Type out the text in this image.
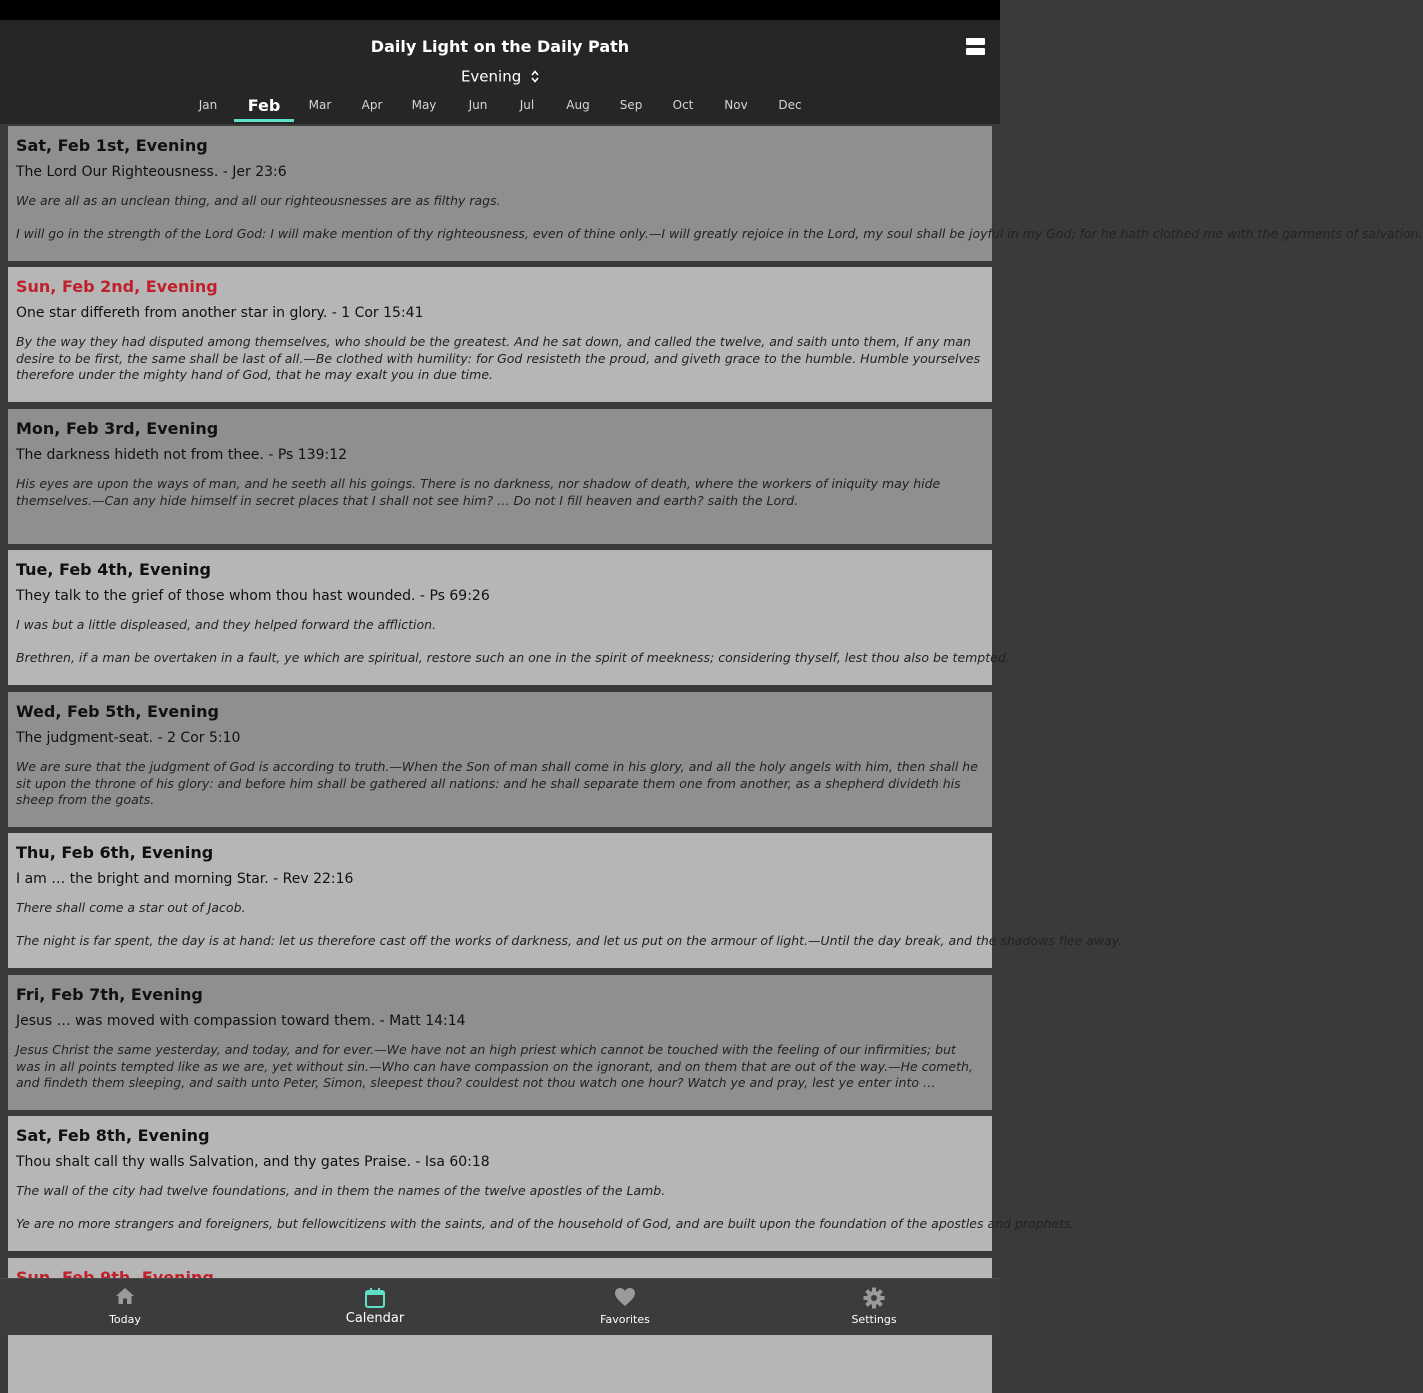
Daily Light on the Daily Path
Evening
Jan Feb Mar	Apr May	Jun	Jul	Aug Sep	Oct	Nov	Dec
Sat, Feb 1st, Evening
The Lord Our Righteousness. - Jer 23:6
We are all as an unclean thing, and all our righteousnesses are as filthy rags.
I will go in the strength of the Lord God: I will make mention of thy righteousness, even of thine only.—I will greatly rejoice in the Lord, my soul shall be joyful in my God; for he hath clothed me with the garments of salvation.
Sun, Feb 2nd, Evening
One star differeth from another star in glory. - 1 Cor 15:41
By the way they had disputed among themselves, who should be the greatest. And he sat down, and called the twelve, and saith unto them, If any man desire to be first, the same shall be last of all.—Be clothed with humility: for God resisteth the proud, and giveth grace to the humble. Humble yourselves therefore under the mighty hand of God, that he may exalt you in due time.
Mon, Feb 3rd, Evening
The darkness hideth not from thee. - Ps 139:12
His eyes are upon the ways of man, and he seeth all his goings. There is no darkness, nor shadow of death, where the workers of iniquity may hide themselves.—Can any hide himself in secret places that I shall not see him? … Do not I fill heaven and earth? saith the Lord.
Tue, Feb 4th, Evening
They talk to the grief of those whom thou hast wounded. - Ps 69:26
I was but a little displeased, and they helped forward the affliction.
Brethren, if a man be overtaken in a fault, ye which are spiritual, restore such an one in the spirit of meekness; considering thyself, lest thou also be tempted.
Wed, Feb 5th, Evening
The judgment-seat. - 2 Cor 5:10
We are sure that the judgment of God is according to truth.—When the Son of man shall come in his glory, and all the holy angels with him, then shall he sit upon the throne of his glory: and before him shall be gathered all nations: and he shall separate them one from another, as a shepherd divideth his sheep from the goats.
Thu, Feb 6th, Evening
I am … the bright and morning Star. - Rev 22:16
There shall come a star out of Jacob.
The night is far spent, the day is at hand: let us therefore cast off the works of darkness, and let us put on the armour of light.—Until the day break, and the shadows flee away.
Fri, Feb 7th, Evening
Jesus … was moved with compassion toward them. - Matt 14:14
Jesus Christ the same yesterday, and today, and for ever.—We have not an high priest which cannot be touched with the feeling of our infirmities; but was in all points tempted like as we are, yet without sin.—Who can have compassion on the ignorant, and on them that are out of the way.—He cometh, and findeth them sleeping, and saith unto Peter, Simon, sleepest thou? couldest not thou watch one hour? Watch ye and pray, lest ye enter into …
Sat, Feb 8th, Evening
Thou shalt call thy walls Salvation, and thy gates Praise. - Isa 60:18
The wall of the city had twelve foundations, and in them the names of the twelve apostles of the Lamb.
Ye are no more strangers and foreigners, but fellowcitizens with the saints, and of the household of God, and are built upon the foundation of the apostles and prophets.
Today	Calendar	Favorites	Settings
